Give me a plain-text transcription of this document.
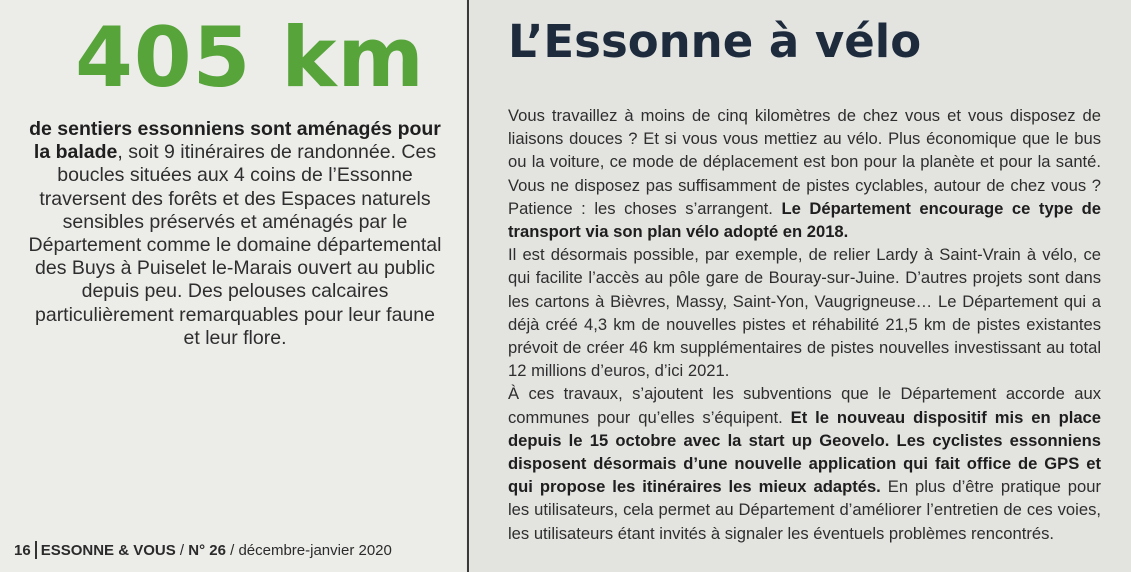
405 km
de sentiers essonniens sont aménagés pour la balade, soit 9 itinéraires de randonnée. Ces boucles situées aux 4 coins de l’Essonne traversent des forêts et des Espaces naturels sensibles préservés et aménagés par le Département comme le domaine départemental des Buys à Puiselet le-Marais ouvert au public depuis peu. Des pelouses calcaires particulièrement remarquables pour leur faune et leur flore.
16 ESSONNE & VOUS / N° 26 / décembre-janvier 2020
L’Essonne à vélo
Vous travaillez à moins de cinq kilomètres de chez vous et vous disposez de liaisons douces ? Et si vous vous mettiez au vélo. Plus économique que le bus ou la voiture, ce mode de déplacement est bon pour la planète et pour la santé. Vous ne disposez pas suffisamment de pistes cyclables, autour de chez vous ? Patience : les choses s’arrangent. Le Département encourage ce type de transport via son plan vélo adopté en 2018.
Il est désormais possible, par exemple, de relier Lardy à Saint-Vrain à vélo, ce qui facilite l’accès au pôle gare de Bouray-sur-Juine. D’autres projets sont dans les cartons à Bièvres, Massy, Saint-Yon, Vaugrigneuse… Le Département qui a déjà créé 4,3 km de nouvelles pistes et réhabilité 21,5 km de pistes existantes prévoit de créer 46 km supplémentaires de pistes nouvelles investissant au total 12 millions d’euros, d’ici 2021.
À ces travaux, s’ajoutent les subventions que le Département accorde aux communes pour qu’elles s’équipent. Et le nouveau dispositif mis en place depuis le 15 octobre avec la start up Geovelo. Les cyclistes essonniens disposent désormais d’une nouvelle application qui fait office de GPS et qui propose les itinéraires les mieux adaptés. En plus d’être pratique pour les utilisateurs, cela permet au Département d’améliorer l’entretien de ces voies, les utilisateurs étant invités à signaler les éventuels problèmes rencontrés.
